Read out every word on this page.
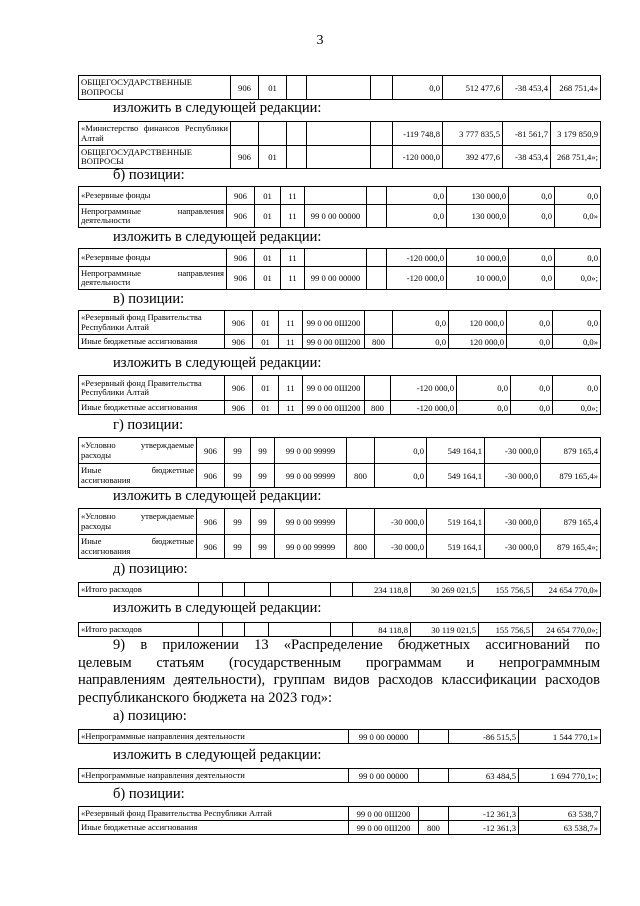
3
ОБЩЕГОСУДАРСТВЕННЫЕ ВОПРОСЫ	906	01				0,0	512 477,6	-38 453,4	268 751,4»
изложить в следующей редакции:
«Министерство финансов Республики Алтай						-119 748,8	3 777 835,5	-81 561,7	3 179 850,9
ОБЩЕГОСУДАРСТВЕННЫЕ ВОПРОСЫ	906	01				-120 000,0	392 477,6	-38 453,4	268 751,4»;
б) позиции:
«Резервные фонды	906	01	11			0,0	130 000,0	0,0	0,0
Непрограммные направления деятельности	906	01	11	99 0 00 00000		0,0	130 000,0	0,0	0,0»
изложить в следующей редакции:
«Резервные фонды	906	01	11			-120 000,0	10 000,0	0,0	0,0
Непрограммные направления деятельности	906	01	11	99 0 00 00000		-120 000,0	10 000,0	0,0	0,0»;
в) позиции:
«Резервный фонд Правительства Республики Алтай	906	01	11	99 0 00 0Ш200		0,0	120 000,0	0,0	0,0
Иные бюджетные ассигнования	906	01	11	99 0 00 0Ш200	800	0,0	120 000,0	0,0	0,0»
изложить в следующей редакции:
«Резервный фонд Правительства Республики Алтай	906	01	11	99 0 00 0Ш200		-120 000,0	0,0	0,0	0,0
Иные бюджетные ассигнования	906	01	11	99 0 00 0Ш200	800	-120 000,0	0,0	0,0	0,0»;
г) позиции:
«Условно утверждаемые расходы	906	99	99	99 0 00 99999		0,0	549 164,1	-30 000,0	879 165,4
Иные бюджетные ассигнования	906	99	99	99 0 00 99999	800	0,0	549 164,1	-30 000,0	879 165,4»
изложить в следующей редакции:
«Условно утверждаемые расходы	906	99	99	99 0 00 99999		-30 000,0	519 164,1	-30 000,0	879 165,4
Иные бюджетные ассигнования	906	99	99	99 0 00 99999	800	-30 000,0	519 164,1	-30 000,0	879 165,4»;
д) позицию:
«Итого расходов						234 118,8	30 269 021,5	155 756,5	24 654 770,0»
изложить в следующей редакции:
«Итого расходов						84 118,8	30 119 021,5	155 756,5	24 654 770,0»;
9) в приложении 13 «Распределение бюджетных ассигнований по
целевым статьям (государственным программам и непрограммным
направлениям деятельности), группам видов расходов классификации расходов
республиканского бюджета на 2023 год»:
а) позицию:
«Непрограммные направления деятельности	99 0 00 00000		-86 515,5	1 544 770,1»
изложить в следующей редакции:
«Непрограммные направления деятельности	99 0 00 00000		63 484,5	1 694 770,1»;
б) позиции:
«Резервный фонд Правительства Республики Алтай	99 0 00 0Ш200		-12 361,3	63 538,7
Иные бюджетные ассигнования	99 0 00 0Ш200	800	-12 361,3	63 538,7»
